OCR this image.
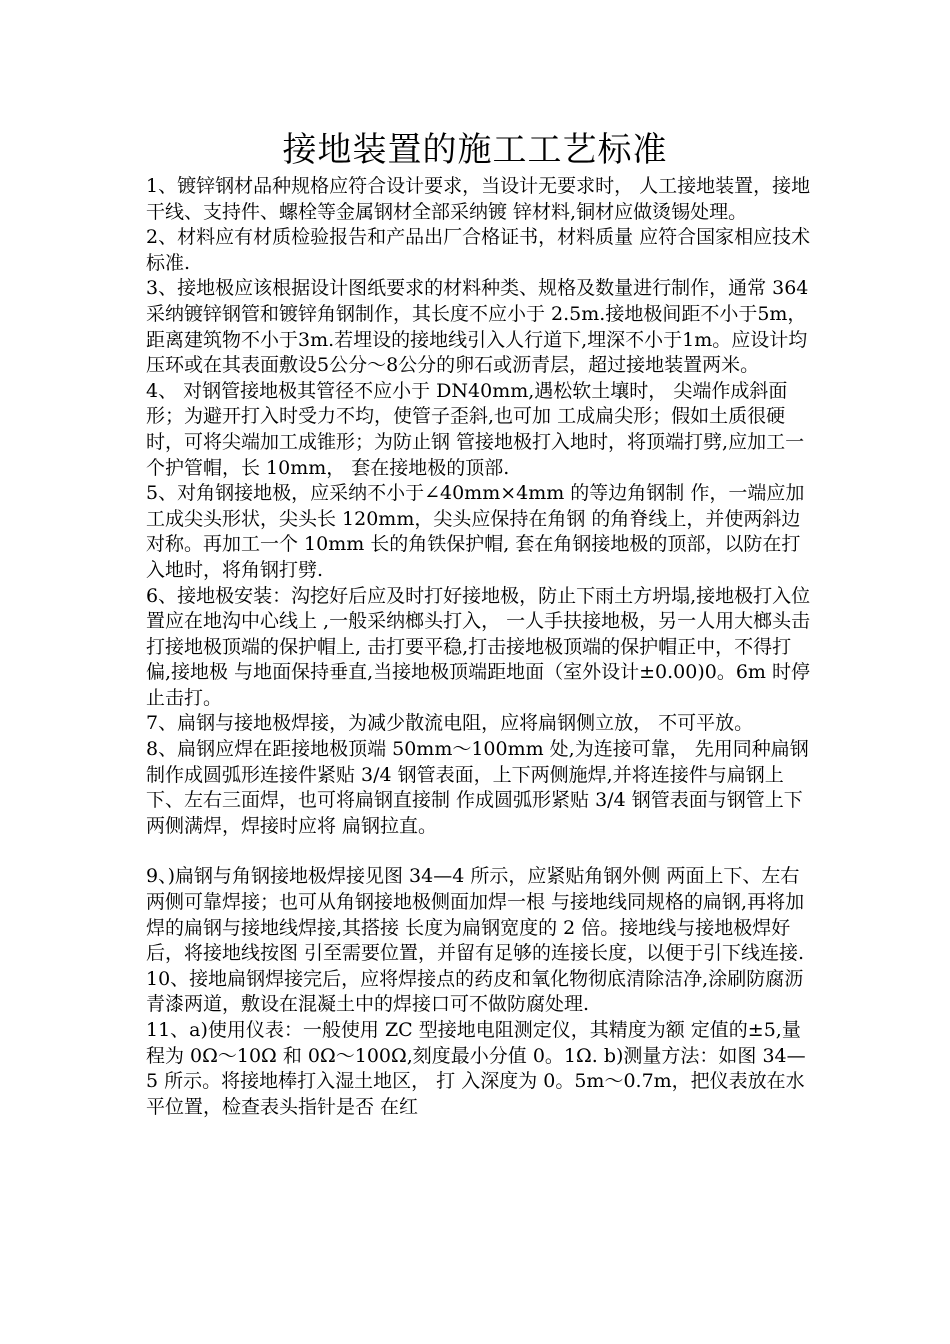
接地装置的施工工艺标准

1、镀锌钢材品种规格应符合设计要求，当设计无要求时， 人工接地装置，接地干线、支持件、螺栓等金属钢材全部采纳镀 锌材料,铜材应做烫锡处理。

2、材料应有材质检验报告和产品出厂合格证书，材料质量 应符合国家相应技术标准.

3、接地极应该根据设计图纸要求的材料种类、规格及数量进行制作，通常 364 采纳镀锌钢管和镀锌角钢制作，其长度不应小于 2.5m.接地极间距不小于5m，距离建筑物不小于3m.若埋设的接地线引入人行道下,埋深不小于1m。应设计均压环或在其表面敷设5公分～8公分的卵石或沥青层，超过接地装置两米。

4、 对钢管接地极其管径不应小于 DN40mm,遇松软土壤时， 尖端作成斜面形；为避开打入时受力不均，使管子歪斜,也可加 工成扁尖形；假如土质很硬时，可将尖端加工成锥形；为防止钢 管接地极打入地时，将顶端打劈,应加工一个护管帽，长 10mm， 套在接地极的顶部.

5、对角钢接地极，应采纳不小于∠40mm×4mm 的等边角钢制 作，一端应加工成尖头形状，尖头长 120mm，尖头应保持在角钢 的角脊线上，并使两斜边对称。再加工一个 10mm 长的角铁保护帽, 套在角钢接地极的顶部，以防在打入地时，将角钢打劈.

6、接地极安装：沟挖好后应及时打好接地极，防止下雨土方坍塌,接地极打入位置应在地沟中心线上 ,一般采纳榔头打入， 一人手扶接地极，另一人用大榔头击打接地极顶端的保护帽上, 击打要平稳,打击接地极顶端的保护帽正中，不得打偏,接地极 与地面保持垂直,当接地极顶端距地面（室外设计±0.00)0。6m 时停止击打。

7、扁钢与接地极焊接，为减少散流电阻，应将扁钢侧立放， 不可平放。

8、扁钢应焊在距接地极顶端 50mm～100mm 处,为连接可靠， 先用同种扁钢制作成圆弧形连接件紧贴 3/4 钢管表面，上下两侧施焊,并将连接件与扁钢上下、左右三面焊，也可将扁钢直接制 作成圆弧形紧贴 3/4 钢管表面与钢管上下两侧满焊，焊接时应将 扁钢拉直。

9、)扁钢与角钢接地极焊接见图 34—4 所示，应紧贴角钢外侧 两面上下、左右两侧可靠焊接；也可从角钢接地极侧面加焊一根 与接地线同规格的扁钢,再将加焊的扁钢与接地线焊接,其搭接 长度为扁钢宽度的 2 倍。接地线与接地极焊好后，将接地线按图 引至需要位置，并留有足够的连接长度，以便于引下线连接.

10、接地扁钢焊接完后，应将焊接点的药皮和氧化物彻底清除洁净,涂刷防腐沥青漆两道，敷设在混凝土中的焊接口可不做防腐处理.

11、a)使用仪表：一般使用 ZC 型接地电阻测定仪，其精度为额 定值的±5,量程为 0Ω～10Ω 和 0Ω～100Ω,刻度最小分值 0。1Ω. b)测量方法：如图 34—5 所示。将接地棒打入湿土地区， 打 入深度为 0。5m～0.7m，把仪表放在水平位置，检查表头指针是否 在红
